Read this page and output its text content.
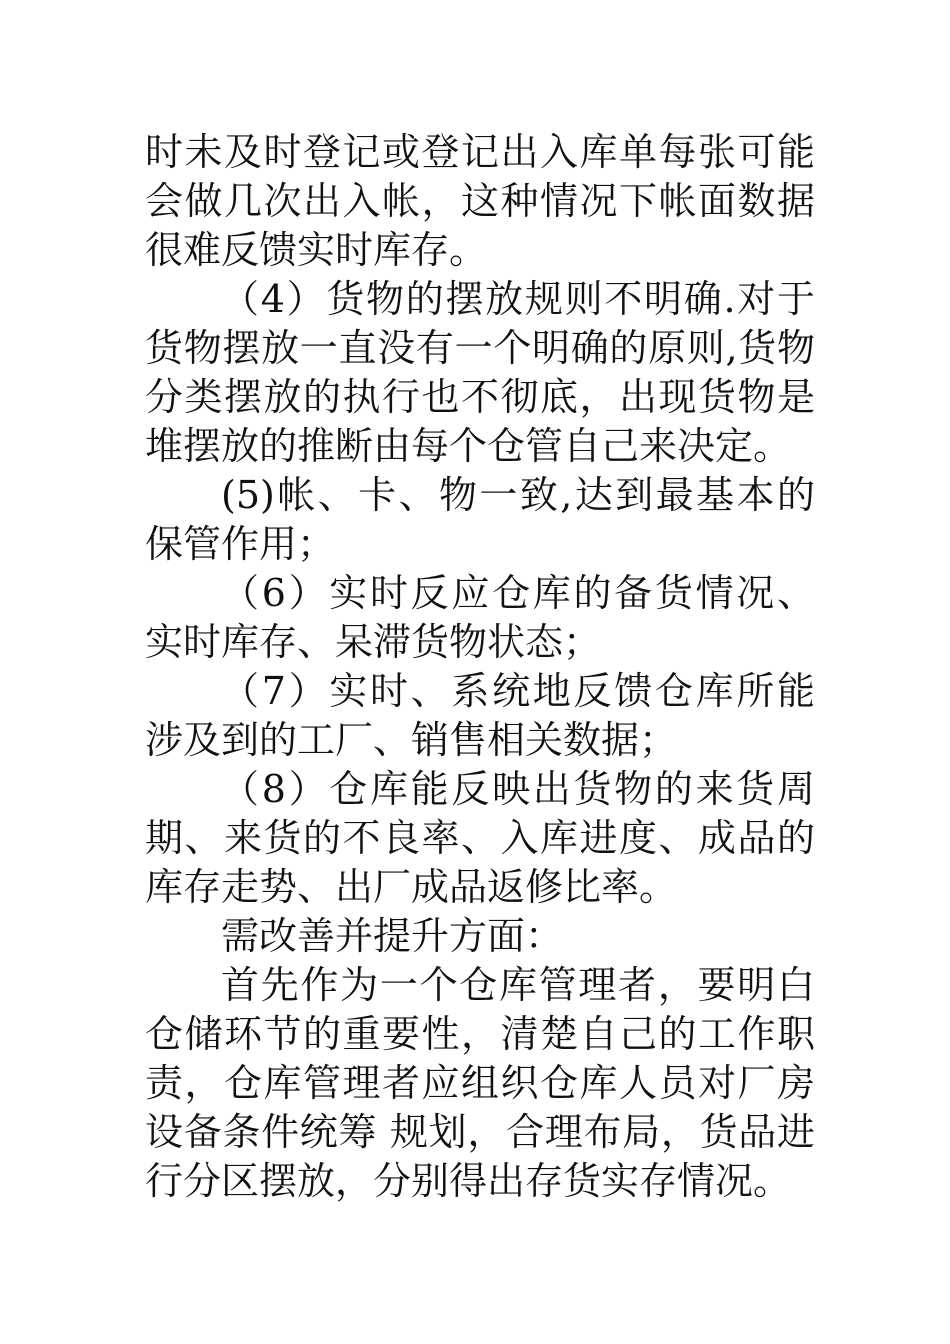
时未及时登记或登记出入库单每张可能会做几次出入帐，这种情况下帐面数据很难反馈实时库存。

（4）货物的摆放规则不明确.对于货物摆放一直没有一个明确的原则,货物分类摆放的执行也不彻底，出现货物是堆摆放的推断由每个仓管自己来决定。

(5)帐、卡、物一致,达到最基本的保管作用；

（6）实时反应仓库的备货情况、实时库存、呆滞货物状态；

（7）实时、系统地反馈仓库所能涉及到的工厂、销售相关数据；

（8）仓库能反映出货物的来货周期、来货的不良率、入库进度、成品的库存走势、出厂成品返修比率。

需改善并提升方面：

首先作为一个仓库管理者，要明白仓储环节的重要性，清楚自己的工作职责，仓库管理者应组织仓库人员对厂房设备条件统筹 规划，合理布局，货品进行分区摆放，分别得出存货实存情况。
